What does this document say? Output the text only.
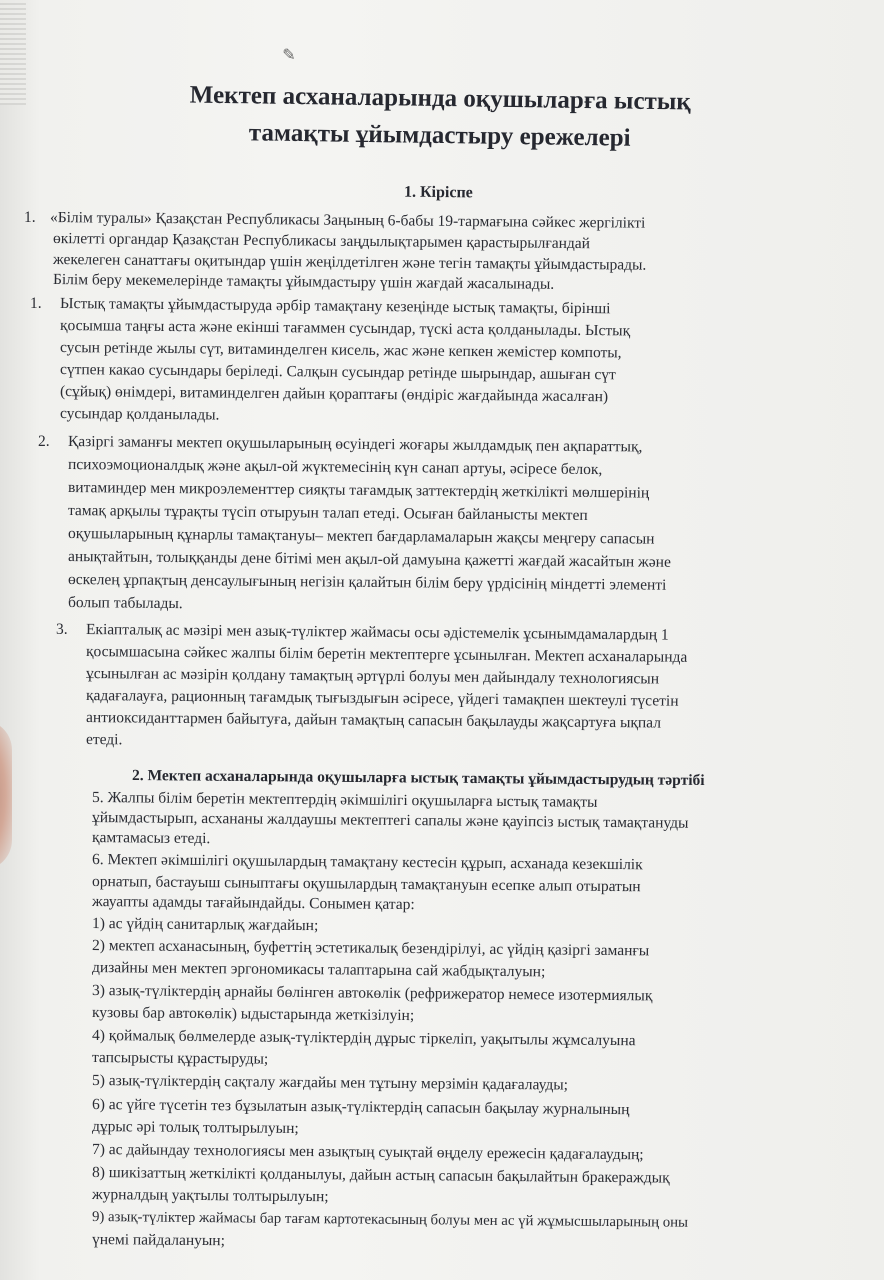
✎
Мектеп асханаларында оқушыларға ыстық
тамақты ұйымдастыру ережелері

1. Кіріспе

1. «Білім туралы» Қазақстан Республикасы Заңының 6-бабы 19-тармағына сәйкес жергілікті

өкілетті органдар Қазақстан Республикасы заңдылықтарымен қарастырылғандай

жекелеген санаттағы оқитындар үшін жеңілдетілген және тегін тамақты ұйымдастырады.

Білім беру мекемелерінде тамақты ұйымдастыру үшін жағдай жасалынады.

1. Ыстық тамақты ұйымдастыруда әрбір тамақтану кезеңінде ыстық тамақты, бірінші

қосымша таңғы аста және екінші тағаммен сусындар, түскі аста қолданылады. Ыстық

сусын ретінде жылы сүт, витаминделген кисель, жас және кепкен жемістер компоты,

сүтпен какао сусындары беріледі. Салқын сусындар ретінде шырындар, ашыған сүт

(сұйық) өнімдері, витаминделген дайын қораптағы (өндіріс жағдайында жасалған)

сусындар қолданылады.

2. Қазіргі заманғы мектеп оқушыларының өсуіндегі жоғары жылдамдық пен ақпараттық,

психоэмоционалдық және ақыл-ой жүктемесінің күн санап артуы, әсіресе белок,

витаминдер мен микроэлементтер сияқты тағамдық заттектердің жеткілікті мөлшерінің

тамақ арқылы тұрақты түсіп отыруын талап етеді. Осыған байланысты мектеп

оқушыларының құнарлы тамақтануы– мектеп бағдарламаларын жақсы меңгеру сапасын

анықтайтын, толыққанды дене бітімі мен ақыл-ой дамуына қажетті жағдай жасайтын және

өскелең ұрпақтың денсаулығының негізін қалайтын білім беру үрдісінің міндетті элементі

болып табылады.

3. Екіапталық ас мәзірі мен азық-түліктер жаймасы осы әдістемелік ұсынымдамалардың 1

қосымшасына сәйкес жалпы білім беретін мектептерге ұсынылған. Мектеп асханаларында

ұсынылған ас мәзірін қолдану тамақтың әртүрлі болуы мен дайындалу технологиясын

қадағалауға, рационның тағамдық тығыздығын әсіресе, үйдегі тамақпен шектеулі түсетін

антиоксиданттармен байытуға, дайын тамақтың сапасын бақылауды жақсартуға ықпал

етеді.

2. Мектеп асханаларында оқушыларға ыстық тамақты ұйымдастырудың тәртібі

5. Жалпы білім беретін мектептердің әкімшілігі оқушыларға ыстық тамақты

ұйымдастырып, асхананы жалдаушы мектептегі сапалы және қауіпсіз ыстық тамақтануды

қамтамасыз етеді.

6. Мектеп әкімшілігі оқушылардың тамақтану кестесін құрып, асханада кезекшілік

орнатып, бастауыш сыныптағы оқушылардың тамақтануын есепке алып отыратын

жауапты адамды тағайындайды. Сонымен қатар:

1) ас үйдің санитарлық жағдайын;

2) мектеп асханасының, буфеттің эстетикалық безендірілуі, ас үйдің қазіргі заманғы

дизайны мен мектеп эргономикасы талаптарына сай жабдықталуын;

3) азық-түліктердің арнайы бөлінген автокөлік (рефрижератор немесе изотермиялық

кузовы бар автокөлік) ыдыстарында жеткізілуін;

4) қоймалық бөлмелерде азық-түліктердің дұрыс тіркеліп, уақытылы жұмсалуына

тапсырысты құрастыруды;

5) азық-түліктердің сақталу жағдайы мен тұтыну мерзімін қадағалауды;

6) ас үйге түсетін тез бұзылатын азық-түліктердің сапасын бақылау журналының

дұрыс әрі толық толтырылуын;

7) ас дайындау технологиясы мен азықтың суықтай өңделу ережесін қадағалаудың;

8) шикізаттың жеткілікті қолданылуы, дайын астың сапасын бақылайтын бракераждық

журналдың уақтылы толтырылуын;

9) азық-түліктер жаймасы бар тағам картотекасының болуы мен ас үй жұмысшыларының оны

үнемі пайдалануын;
